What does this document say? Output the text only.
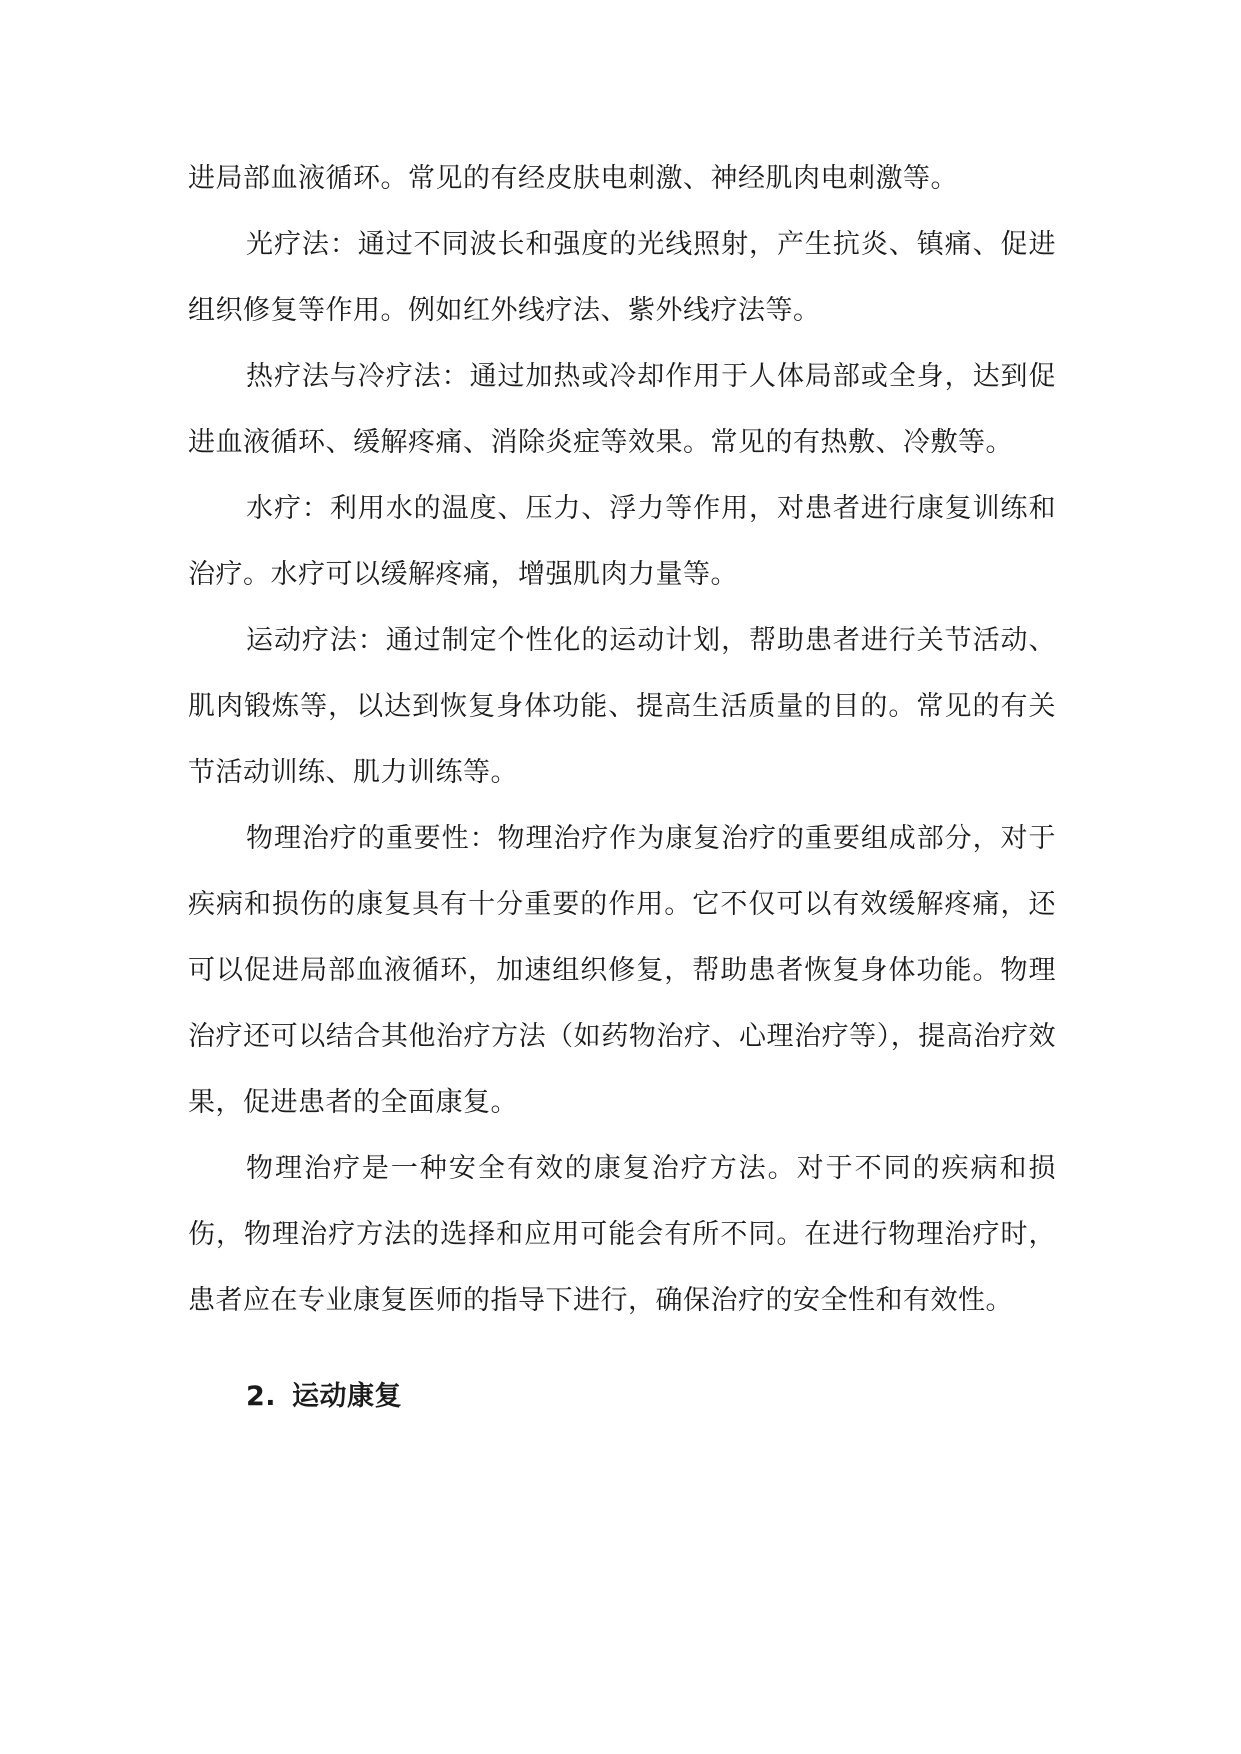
进局部血液循环。常见的有经皮肤电刺激、神经肌肉电刺激等。

光疗法：通过不同波长和强度的光线照射，产生抗炎、镇痛、促进组织修复等作用。例如红外线疗法、紫外线疗法等。

热疗法与冷疗法：通过加热或冷却作用于人体局部或全身，达到促进血液循环、缓解疼痛、消除炎症等效果。常见的有热敷、冷敷等。

水疗：利用水的温度、压力、浮力等作用，对患者进行康复训练和治疗。水疗可以缓解疼痛，增强肌肉力量等。

运动疗法：通过制定个性化的运动计划，帮助患者进行关节活动、肌肉锻炼等，以达到恢复身体功能、提高生活质量的目的。常见的有关节活动训练、肌力训练等。

物理治疗的重要性：物理治疗作为康复治疗的重要组成部分，对于疾病和损伤的康复具有十分重要的作用。它不仅可以有效缓解疼痛，还可以促进局部血液循环，加速组织修复，帮助患者恢复身体功能。物理治疗还可以结合其他治疗方法（如药物治疗、心理治疗等），提高治疗效果，促进患者的全面康复。

物理治疗是一种安全有效的康复治疗方法。对于不同的疾病和损伤，物理治疗方法的选择和应用可能会有所不同。在进行物理治疗时，患者应在专业康复医师的指导下进行，确保治疗的安全性和有效性。

2. 运动康复
